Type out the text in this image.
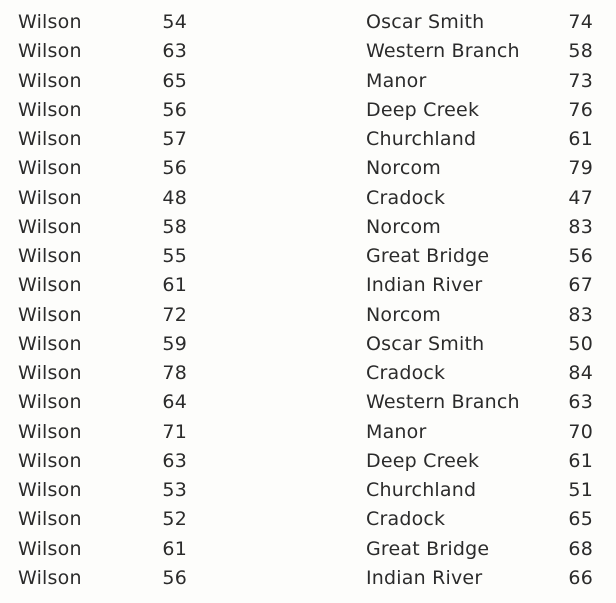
Wilson	54	Oscar Smith	74
Wilson	63	Western Branch	58
Wilson	65	Manor	73
Wilson	56	Deep Creek	76
Wilson	57	Churchland	61
Wilson	56	Norcom	79
Wilson	48	Cradock	47
Wilson	58	Norcom	83
Wilson	55	Great Bridge	56
Wilson	61	Indian River	67
Wilson	72	Norcom	83
Wilson	59	Oscar Smith	50
Wilson	78	Cradock	84
Wilson	64	Western Branch	63
Wilson	71	Manor	70
Wilson	63	Deep Creek	61
Wilson	53	Churchland	51
Wilson	52	Cradock	65
Wilson	61	Great Bridge	68
Wilson	56	Indian River	66
